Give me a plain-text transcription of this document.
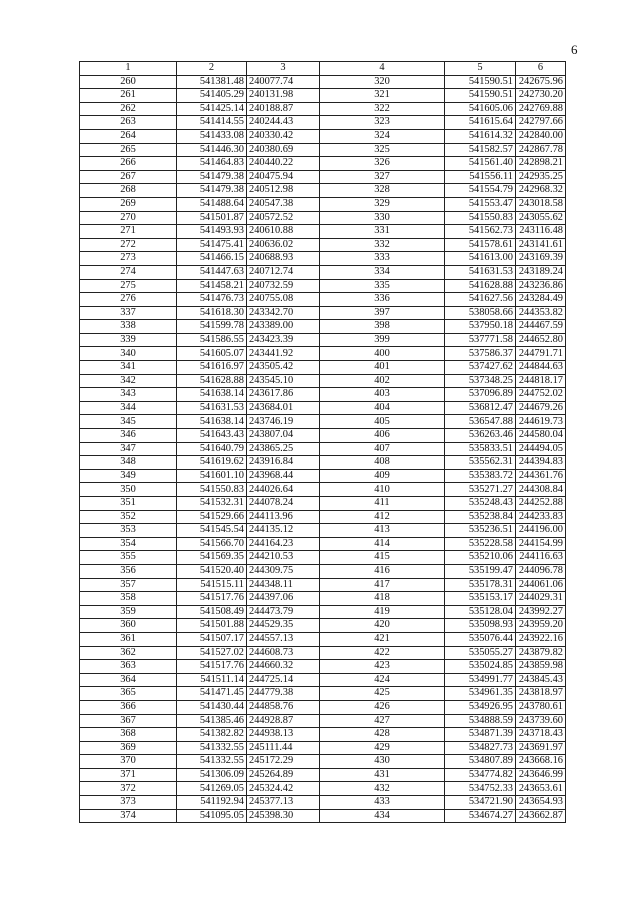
6
1	2	3	4	5	6
260	541381.48	240077.74	320	541590.51	242675.96
261	541405.29	240131.98	321	541590.51	242730.20
262	541425.14	240188.87	322	541605.06	242769.88
263	541414.55	240244.43	323	541615.64	242797.66
264	541433.08	240330.42	324	541614.32	242840.00
265	541446.30	240380.69	325	541582.57	242867.78
266	541464.83	240440.22	326	541561.40	242898.21
267	541479.38	240475.94	327	541556.11	242935.25
268	541479.38	240512.98	328	541554.79	242968.32
269	541488.64	240547.38	329	541553.47	243018.58
270	541501.87	240572.52	330	541550.83	243055.62
271	541493.93	240610.88	331	541562.73	243116.48
272	541475.41	240636.02	332	541578.61	243141.61
273	541466.15	240688.93	333	541613.00	243169.39
274	541447.63	240712.74	334	541631.53	243189.24
275	541458.21	240732.59	335	541628.88	243236.86
276	541476.73	240755.08	336	541627.56	243284.49
337	541618.30	243342.70	397	538058.66	244353.82
338	541599.78	243389.00	398	537950.18	244467.59
339	541586.55	243423.39	399	537771.58	244652.80
340	541605.07	243441.92	400	537586.37	244791.71
341	541616.97	243505.42	401	537427.62	244844.63
342	541628.88	243545.10	402	537348.25	244818.17
343	541638.14	243617.86	403	537096.89	244752.02
344	541631.53	243684.01	404	536812.47	244679.26
345	541638.14	243746.19	405	536547.88	244619.73
346	541643.43	243807.04	406	536263.46	244580.04
347	541640.79	243865.25	407	535833.51	244494.05
348	541619.62	243916.84	408	535562.31	244394.83
349	541601.10	243968.44	409	535383.72	244361.76
350	541550.83	244026.64	410	535271.27	244308.84
351	541532.31	244078.24	411	535248.43	244252.88
352	541529.66	244113.96	412	535238.84	244233.83
353	541545.54	244135.12	413	535236.51	244196.00
354	541566.70	244164.23	414	535228.58	244154.99
355	541569.35	244210.53	415	535210.06	244116.63
356	541520.40	244309.75	416	535199.47	244096.78
357	541515.11	244348.11	417	535178.31	244061.06
358	541517.76	244397.06	418	535153.17	244029.31
359	541508.49	244473.79	419	535128.04	243992.27
360	541501.88	244529.35	420	535098.93	243959.20
361	541507.17	244557.13	421	535076.44	243922.16
362	541527.02	244608.73	422	535055.27	243879.82
363	541517.76	244660.32	423	535024.85	243859.98
364	541511.14	244725.14	424	534991.77	243845.43
365	541471.45	244779.38	425	534961.35	243818.97
366	541430.44	244858.76	426	534926.95	243780.61
367	541385.46	244928.87	427	534888.59	243739.60
368	541382.82	244938.13	428	534871.39	243718.43
369	541332.55	245111.44	429	534827.73	243691.97
370	541332.55	245172.29	430	534807.89	243668.16
371	541306.09	245264.89	431	534774.82	243646.99
372	541269.05	245324.42	432	534752.33	243653.61
373	541192.94	245377.13	433	534721.90	243654.93
374	541095.05	245398.30	434	534674.27	243662.87
